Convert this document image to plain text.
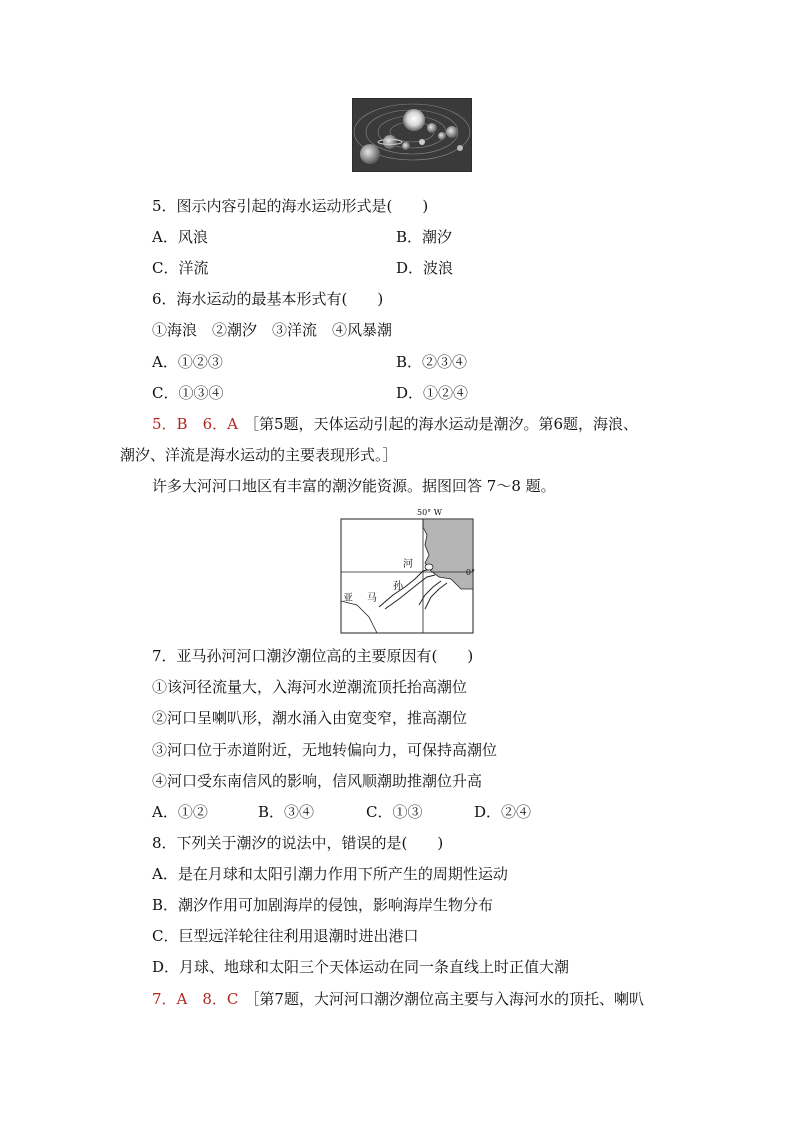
5．图示内容引起的海水运动形式是(　　)
A．风浪	B．潮汐
C．洋流	D．波浪
6．海水运动的最基本形式有(　　)
①海浪　②潮汐　③洋流　④风暴潮
A．①②③	B．②③④
C．①③④	D．①②④
5．B　6．A ［第5题，天体运动引起的海水运动是潮汐。第6题，海浪、
潮汐、洋流是海水运动的主要表现形式。］
许多大河河口地区有丰富的潮汐能资源。据图回答 7～8 题。
50° W
0°
河
孙
马
亚
7．亚马孙河河口潮汐潮位高的主要原因有(　　)
①该河径流量大，入海河水逆潮流顶托抬高潮位
②河口呈喇叭形，潮水涌入由宽变窄，推高潮位
③河口位于赤道附近，无地转偏向力，可保持高潮位
④河口受东南信风的影响，信风顺潮助推潮位升高
A．①②	B．③④	C．①③	D．②④
8．下列关于潮汐的说法中，错误的是(　　)
A．是在月球和太阳引潮力作用下所产生的周期性运动
B．潮汐作用可加剧海岸的侵蚀，影响海岸生物分布
C．巨型远洋轮往往利用退潮时进出港口
D．月球、地球和太阳三个天体运动在同一条直线上时正值大潮
7．A　8．C ［第7题，大河河口潮汐潮位高主要与入海河水的顶托、喇叭
